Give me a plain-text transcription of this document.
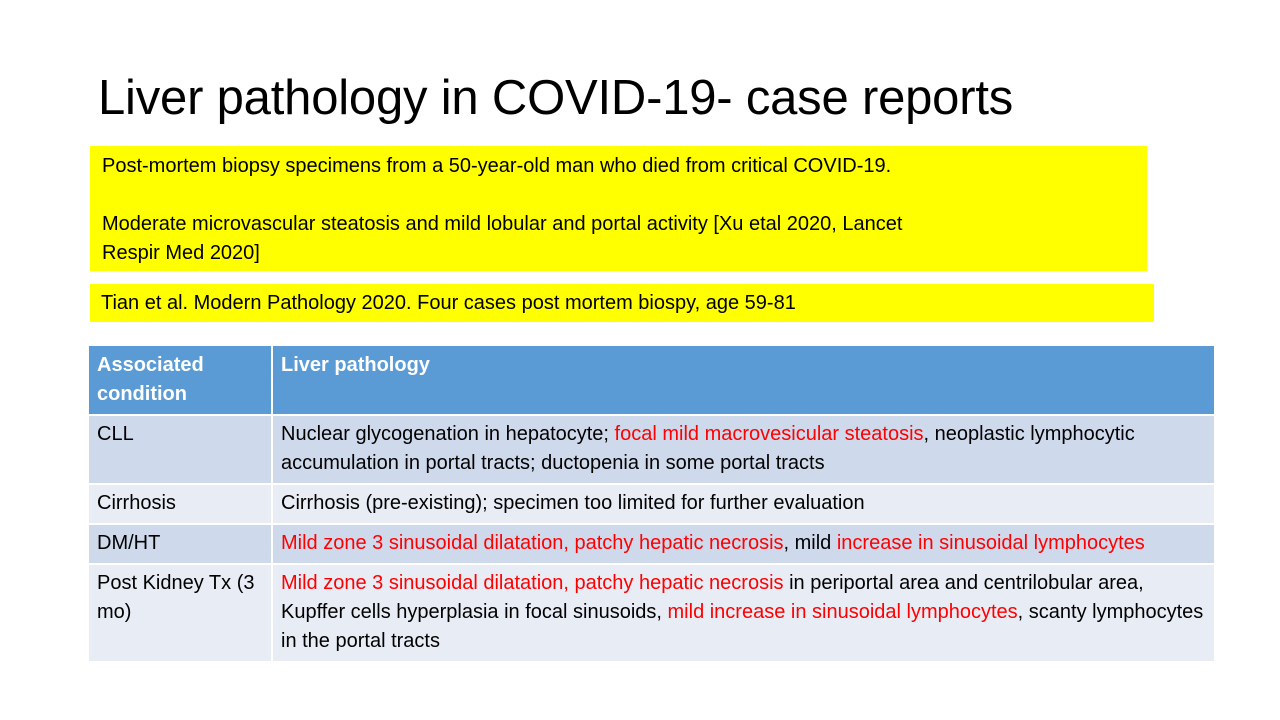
Liver pathology in COVID-19- case reports
Post-mortem biopsy specimens from a 50-year-old man who died from critical COVID-19.
Moderate microvascular steatosis and mild lobular and portal activity [Xu etal 2020, Lancet
Respir Med 2020]
Tian et al. Modern Pathology 2020. Four cases post mortem biospy, age 59-81
Associated condition	Liver pathology
CLL	Nuclear glycogenation in hepatocyte; focal mild macrovesicular steatosis, neoplastic lymphocytic accumulation in portal tracts; ductopenia in some portal tracts
Cirrhosis	Cirrhosis (pre-existing); specimen too limited for further evaluation
DM/HT	Mild zone 3 sinusoidal dilatation, patchy hepatic necrosis, mild increase in sinusoidal lymphocytes
Post Kidney Tx (3 mo)	Mild zone 3 sinusoidal dilatation, patchy hepatic necrosis in periportal area and centrilobular area, Kupffer cells hyperplasia in focal sinusoids, mild increase in sinusoidal lymphocytes, scanty lymphocytes in the portal tracts
